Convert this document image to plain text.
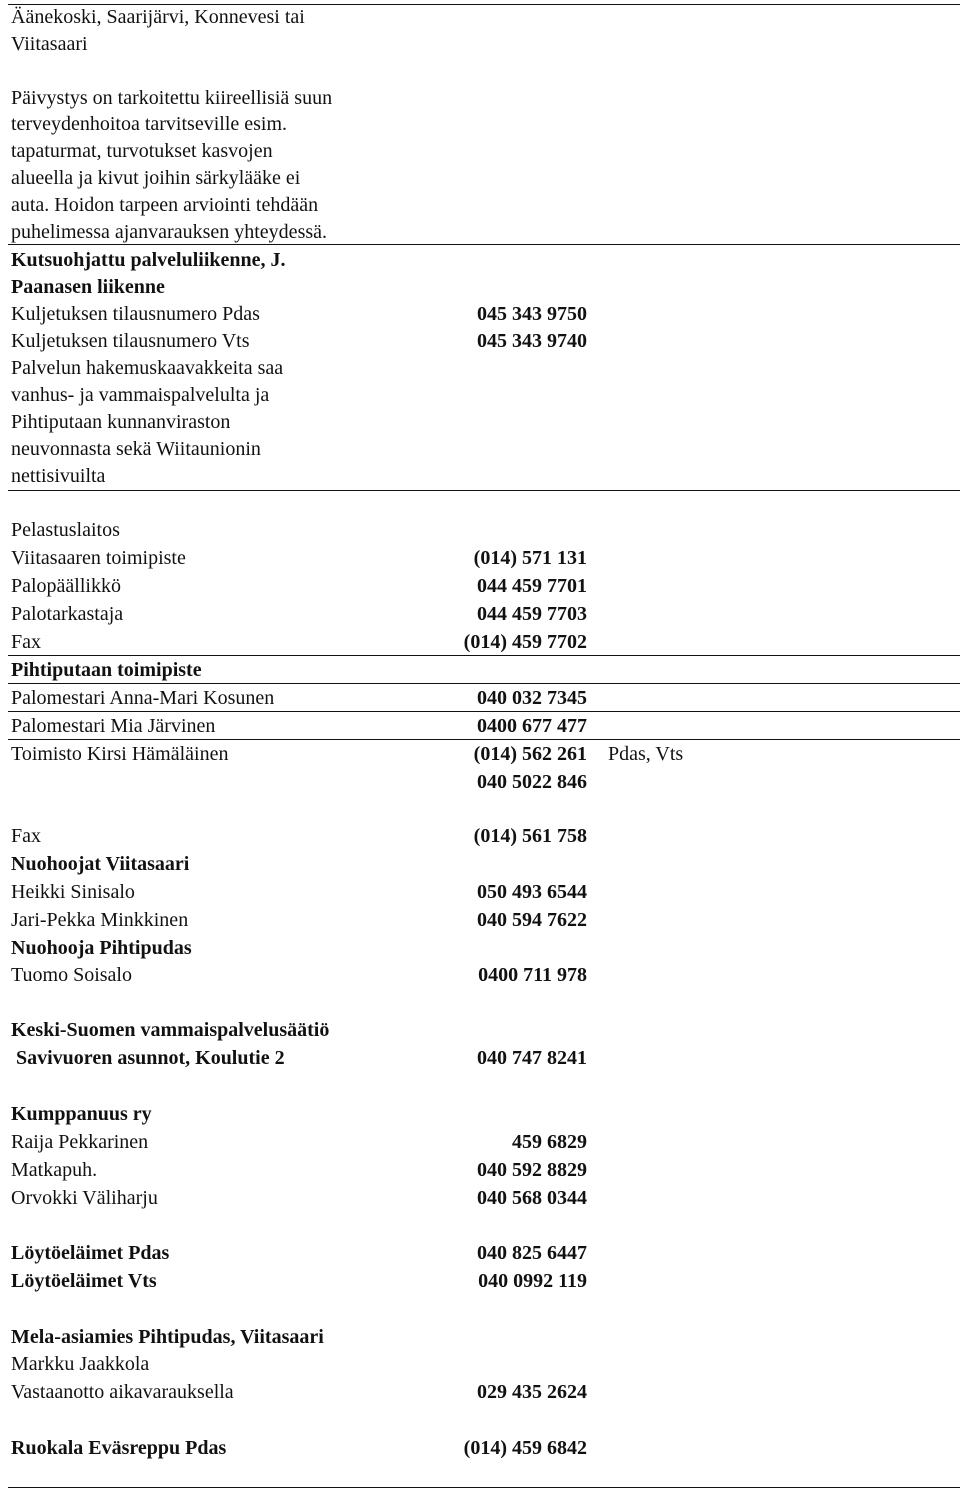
Äänekoski, Saarijärvi, Konnevesi tai
Viitasaari
Päivystys on tarkoitettu kiireellisiä suun
terveydenhoitoa tarvitseville esim.
tapaturmat, turvotukset kasvojen
alueella ja kivut joihin särkylääke ei
auta. Hoidon tarpeen arviointi tehdään
puhelimessa ajanvarauksen yhteydessä.
Kutsuohjattu palveluliikenne, J.
Paanasen liikenne
Kuljetuksen tilausnumero Pdas	045 343 9750
Kuljetuksen tilausnumero Vts	045 343 9740
Palvelun hakemuskaavakkeita saa
vanhus- ja vammaispalvelulta ja
Pihtiputaan kunnanviraston
neuvonnasta sekä Wiitaunionin
nettisivuilta
Pelastuslaitos
Viitasaaren toimipiste	(014) 571 131
Palopäällikkö	044 459 7701
Palotarkastaja	044 459 7703
Fax	(014) 459 7702
Pihtiputaan toimipiste
Palomestari Anna-Mari Kosunen	040 032 7345
Palomestari Mia Järvinen	0400 677 477
Toimisto Kirsi Hämäläinen	(014) 562 261 Pdas, Vts
040 5022 846
Fax	(014) 561 758
Nuohoojat Viitasaari
Heikki Sinisalo	050 493 6544
Jari-Pekka Minkkinen	040 594 7622
Nuohooja Pihtipudas
Tuomo Soisalo	0400 711 978
Keski-Suomen vammaispalvelusäätiö
Savivuoren asunnot, Koulutie 2	040 747 8241
Kumppanuus ry
Raija Pekkarinen	459 6829
Matkapuh.	040 592 8829
Orvokki Väliharju	040 568 0344
Löytöeläimet Pdas	040 825 6447
Löytöeläimet Vts	040 0992 119
Mela-asiamies Pihtipudas, Viitasaari
Markku Jaakkola
Vastaanotto aikavarauksella	029 435 2624
Ruokala Eväsreppu Pdas	(014) 459 6842
